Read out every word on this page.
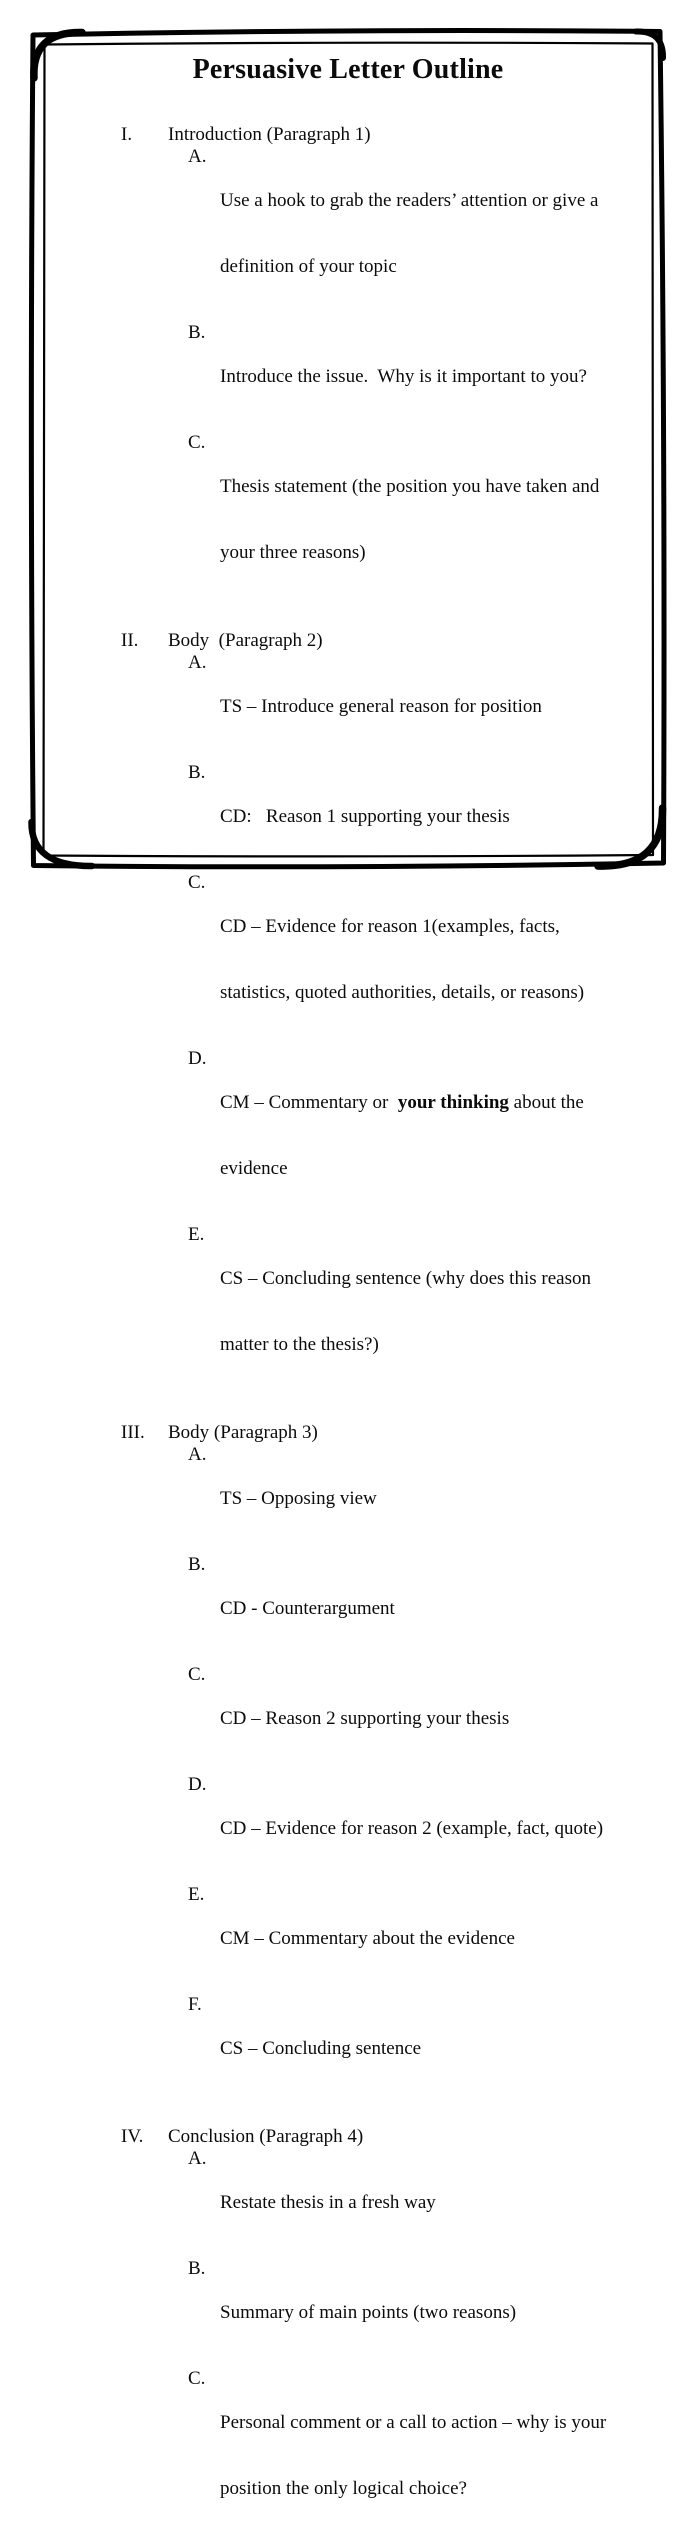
Persuasive Letter Outline
I.	Introduction (Paragraph 1)
A.

Use a hook to grab the readers’ attention or give a

definition of your topic

B.

Introduce the issue.  Why is it important to you?

C.

Thesis statement (the position you have taken and

your three reasons)

II.	Body  (Paragraph 2)
A.

TS – Introduce general reason for position

B.

CD:   Reason 1 supporting your thesis

C.

CD – Evidence for reason 1(examples, facts,

statistics, quoted authorities, details, or reasons)

D.

CM – Commentary or  your thinking about the

evidence

E.

CS – Concluding sentence (why does this reason

matter to the thesis?)

III.	Body (Paragraph 3)
A.

TS – Opposing view

B.

CD - Counterargument

C.

CD – Reason 2 supporting your thesis

D.

CD – Evidence for reason 2 (example, fact, quote)

E.

CM – Commentary about the evidence

F.

CS – Concluding sentence

IV.	Conclusion (Paragraph 4)
A.

Restate thesis in a fresh way

B.

Summary of main points (two reasons)

C.

Personal comment or a call to action – why is your

position the only logical choice?
